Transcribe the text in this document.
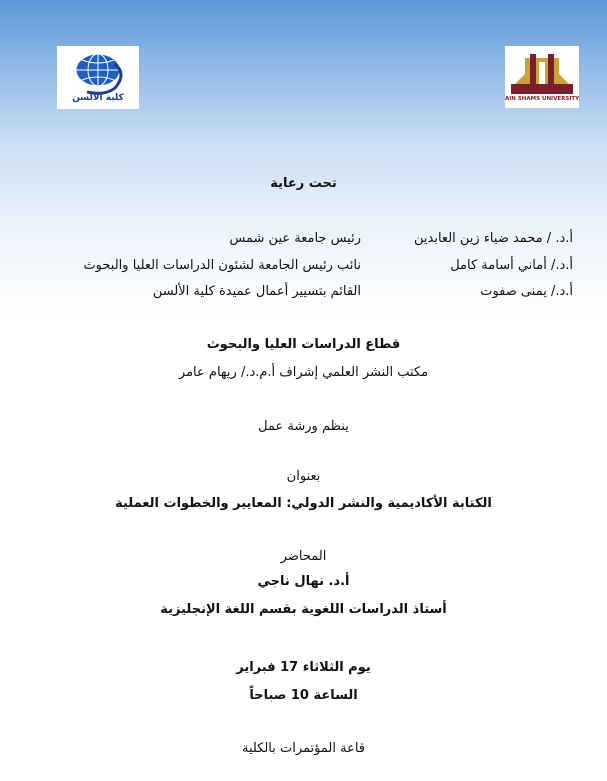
كلية الألسن	AIN SHAMS UNIVERSITY
تحت رعاية
أ.د. / محمد ضياء زين العابدين
رئيس جامعة عين شمس
أ.د./ أماني أسامة كامل
نائب رئيس الجامعة لشئون الدراسات العليا والبحوث
أ.د./ يمنى صفوت
القائم بتسيير أعمال عميدة كلية الألسن
قطاع الدراسات العليا والبحوث
مكتب النشر العلمي إشراف أ.م.د./ ريهام عامر
ينظم ورشة عمل
بعنوان
الكتابة الأكاديمية والنشر الدولي: المعايير والخطوات العملية
المحاضر
أ.د. نهال ناجي
أستاذ الدراسات اللغوية بقسم اللغة الإنجليزية
يوم الثلاثاء 17 فبراير
الساعة 10 صباحاً
قاعة المؤتمرات بالكلية
